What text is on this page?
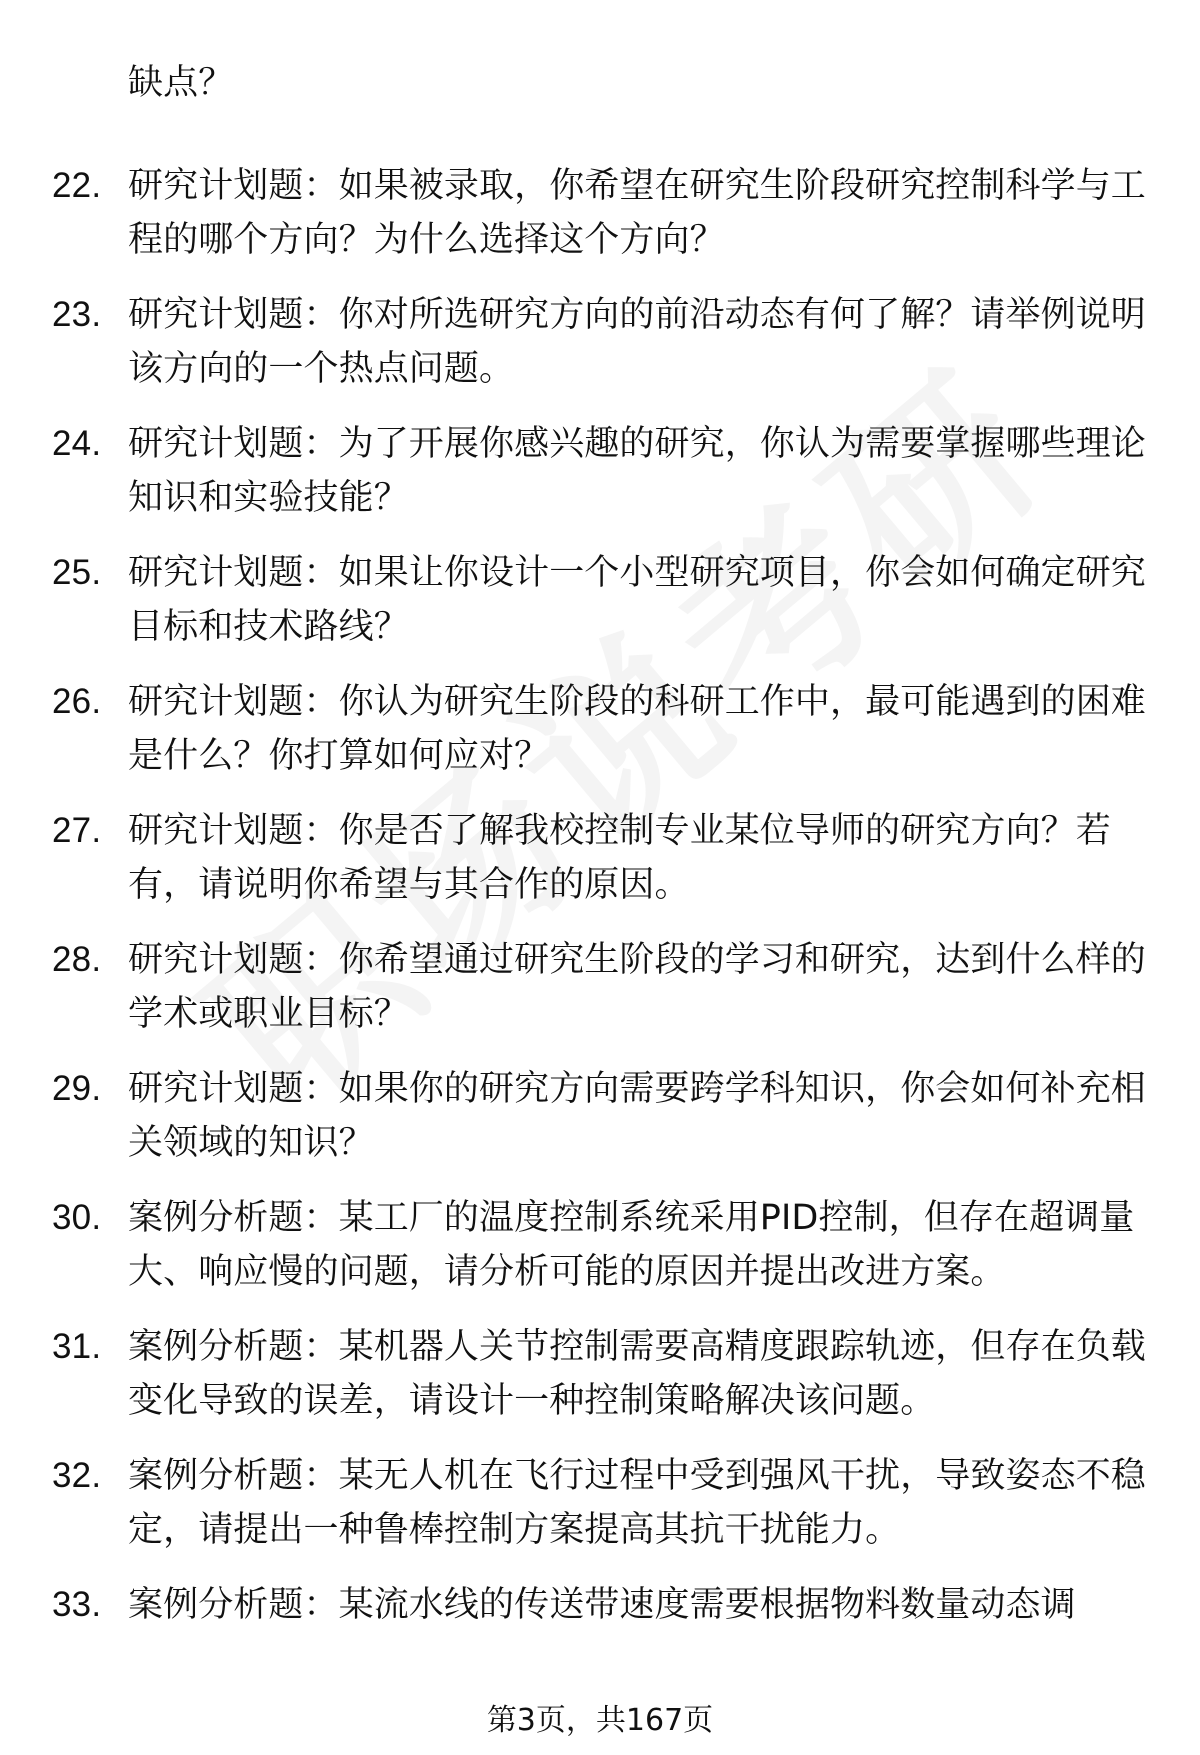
缺点？
22. 研究计划题：如果被录取，你希望在研究生阶段研究控制科学与工程的哪个方向？为什么选择这个方向？
23. 研究计划题：你对所选研究方向的前沿动态有何了解？请举例说明该方向的一个热点问题。
24. 研究计划题：为了开展你感兴趣的研究，你认为需要掌握哪些理论知识和实验技能？
25. 研究计划题：如果让你设计一个小型研究项目，你会如何确定研究目标和技术路线？
26. 研究计划题：你认为研究生阶段的科研工作中，最可能遇到的困难是什么？你打算如何应对？
27. 研究计划题：你是否了解我校控制专业某位导师的研究方向？若有，请说明你希望与其合作的原因。
28. 研究计划题：你希望通过研究生阶段的学习和研究，达到什么样的学术或职业目标？
29. 研究计划题：如果你的研究方向需要跨学科知识，你会如何补充相关领域的知识？
30. 案例分析题：某工厂的温度控制系统采用PID控制，但存在超调量大、响应慢的问题，请分析可能的原因并提出改进方案。
31. 案例分析题：某机器人关节控制需要高精度跟踪轨迹，但存在负载变化导致的误差，请设计一种控制策略解决该问题。
32. 案例分析题：某无人机在飞行过程中受到强风干扰，导致姿态不稳定，请提出一种鲁棒控制方案提高其抗干扰能力。
33. 案例分析题：某流水线的传送带速度需要根据物料数量动态调
第3页，共167页
